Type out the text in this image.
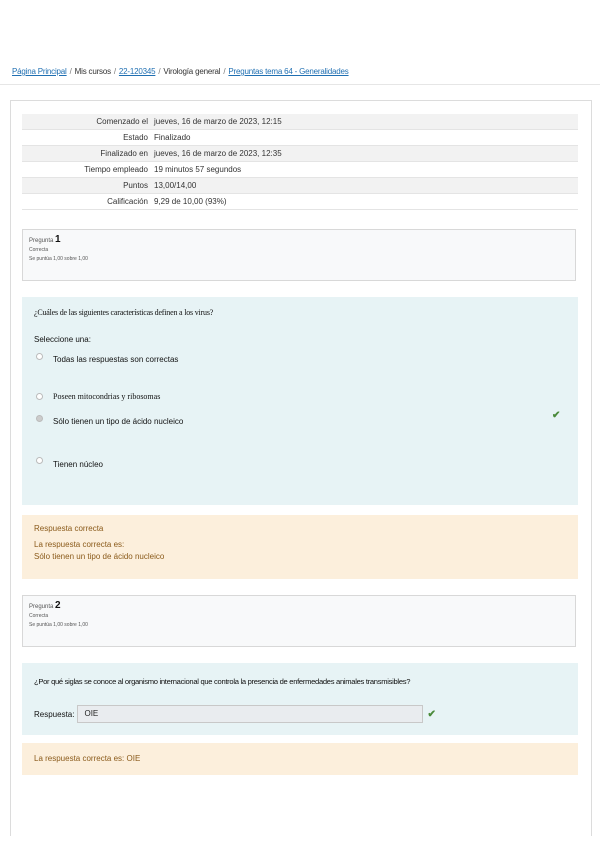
Página Principal / Mis cursos / 22-120345 / Virología general / Preguntas tema 64 - Generalidades
Comenzado el	jueves, 16 de marzo de 2023, 12:15
Estado	Finalizado
Finalizado en	jueves, 16 de marzo de 2023, 12:35
Tiempo empleado	19 minutos 57 segundos
Puntos	13,00/14,00
Calificación	9,29 de 10,00 (93%)
Pregunta 1
Correcta
Se puntúa 1,00 sobre 1,00
¿Cuáles de las siguientes características definen a los virus?
Seleccione una:
Todas las respuestas son correctas
Poseen mitocondrias y ribosomas
Sólo tienen un tipo de ácido nucleico
✔
Tienen núcleo
Respuesta correcta
La respuesta correcta es:
Sólo tienen un tipo de ácido nucleico
Pregunta 2
Correcta
Se puntúa 1,00 sobre 1,00
¿Por qué siglas se conoce al organismo internacional que controla la presencia de enfermedades animales transmisibles?
Respuesta:	OIE	✔
La respuesta correcta es: OIE
